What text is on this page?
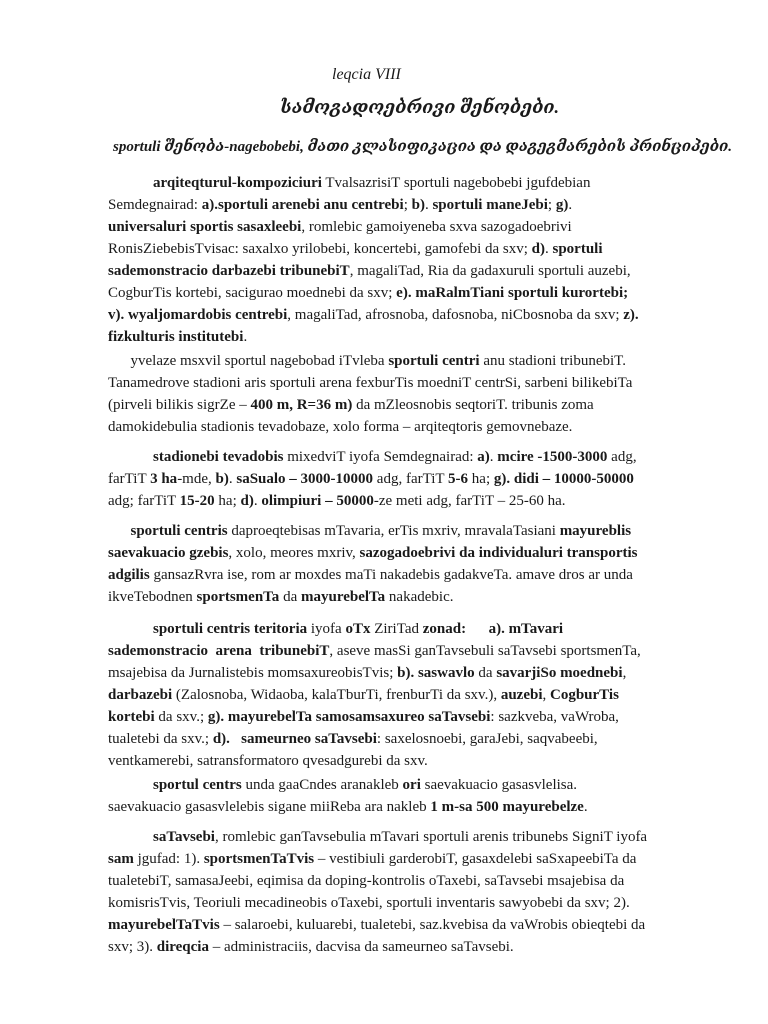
leqcia VIII
სამოგადოებრივი შენობები.
sportuli შენობა-nagebobebi, მათი კლასიფიკაცია და დაგეგმარების პრინციპები.
arqiteqturul-kompoziciuri TvalsazrisiT sportuli nagebobebi jgufdebian
Semdegnairad: a).sportuli arenebi anu centrebi; b). sportuli maneJebi; g).
universaluri sportis sasaxleebi, romlebic gamoiyeneba sxva sazogadoebrivi
RonisZiebebisTvisac: saxalxo yrilobebi, koncertebi, gamofebi da sxv; d). sportuli
sademonstracio darbazebi tribunebiT, magaliTad, Ria da gadaxuruli sportuli auzebi,
CogburTis kortebi, sacigurao moednebi da sxv; e). maRalmTiani sportuli kurortebi;
v). wyaljomardobis centrebi, magaliTad, afrosnoba, dafosnoba, niCbosnoba da sxv; z).
fizkulturis institutebi.
yvelaze msxvil sportul nagebobad iTvleba sportuli centri anu stadioni tribunebiT.
Tanamedrove stadioni aris sportuli arena fexburTis moedniT centrSi, sarbeni bilikebiTa
(pirveli bilikis sigrZe – 400 m, R=36 m) da mZleosnobis seqtoriT. tribunis zoma
damokidebulia stadionis tevadobaze, xolo forma – arqiteqtoris gemovnebaze.
stadionebi tevadobis mixedviT iyofa Semdegnairad: a). mcire -1500-3000 adg,
farTiT 3 ha-mde, b). saSualo – 3000-10000 adg, farTiT 5-6 ha; g). didi – 10000-50000
adg; farTiT 15-20 ha; d). olimpiuri – 50000-ze meti adg, farTiT – 25-60 ha.
sportuli centris daproeqtebisas mTavaria, erTis mxriv, mravalaTasiani mayureblis
saevakuacio gzebis, xolo, meores mxriv, sazogadoebrivi da individualuri transportis
adgilis gansazRvra ise, rom ar moxdes maTi nakadebis gadakveTa. amave dros ar unda
ikveTebodnen sportsmenTa da mayurebelTa nakadebic.
sportuli centris teritoria iyofa oTx ZiriTad zonad:      a). mTavari
sademonstracio  arena  tribunebiT, aseve masSi ganTavsebuli saTavsebi sportsmenTa,
msajebisa da Jurnalistebis momsaxureobisTvis; b). saswavlo da savarjiSo moednebi,
darbazebi (Zalosnoba, Widaoba, kalaTburTi, frenburTi da sxv.), auzebi, CogburTis
kortebi da sxv.; g). mayurebelTa samosamsaxureo saTavsebi: sazkveba, vaWroba,
tualetebi da sxv.; d).   sameurneo saTavsebi: saxelosnoebi, garaJebi, saqvabeebi,
ventkamerebi, satransformatoro qvesadgurebi da sxv.
sportul centrs unda gaaCndes aranakleb ori saevakuacio gasasvlelisa.
saevakuacio gasasvlelebis sigane miiReba ara nakleb 1 m-sa 500 mayurebelze.
saTavsebi, romlebic ganTavsebulia mTavari sportuli arenis tribunebs SigniT iyofa
sam jgufad: 1). sportsmenTaTvis – vestibiuli garderobiT, gasaxdelebi saSxapeebiTa da
tualetebiT, samasaJeebi, eqimisa da doping-kontrolis oTaxebi, saTavsebi msajebisa da
komisrisTvis, Teoriuli mecadineobis oTaxebi, sportuli inventaris sawyobebi da sxv; 2).
mayurebelTaTvis – salaroebi, kuluarebi, tualetebi, saz.kvebisa da vaWrobis obieqtebi da
sxv; 3). direqcia – administraciis, dacvisa da sameurneo saTavsebi.
